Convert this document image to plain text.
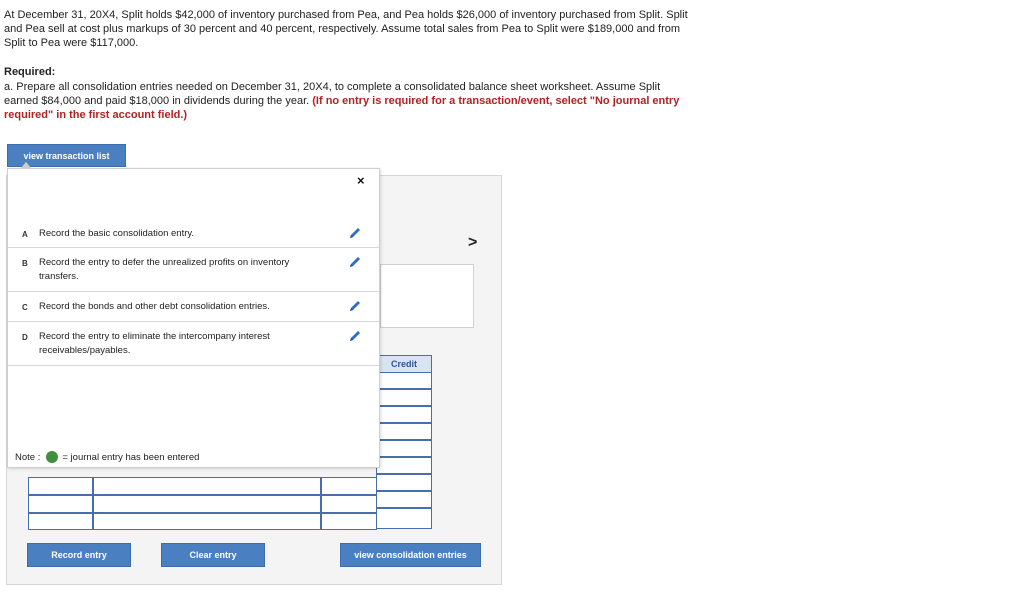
At December 31, 20X4, Split holds $42,000 of inventory purchased from Pea, and Pea holds $26,000 of inventory purchased from Split. Split and Pea sell at cost plus markups of 30 percent and 40 percent, respectively. Assume total sales from Pea to Split were $189,000 and from Split to Pea were $117,000.

Required:
a. Prepare all consolidation entries needed on December 31, 20X4, to complete a consolidated balance sheet worksheet. Assume Split earned $84,000 and paid $18,000 in dividends during the year. (If no entry is required for a transaction/event, select "No journal entry required" in the first account field.)
view transaction list
>
Credit
Record entry	Clear entry	view consolidation entries
×
A Record the basic consolidation entry.
B Record the entry to defer the unrealized profits on inventory transfers.
C Record the bonds and other debt consolidation entries.
D Record the entry to eliminate the intercompany interest receivables/payables.
Note : = journal entry has been entered
